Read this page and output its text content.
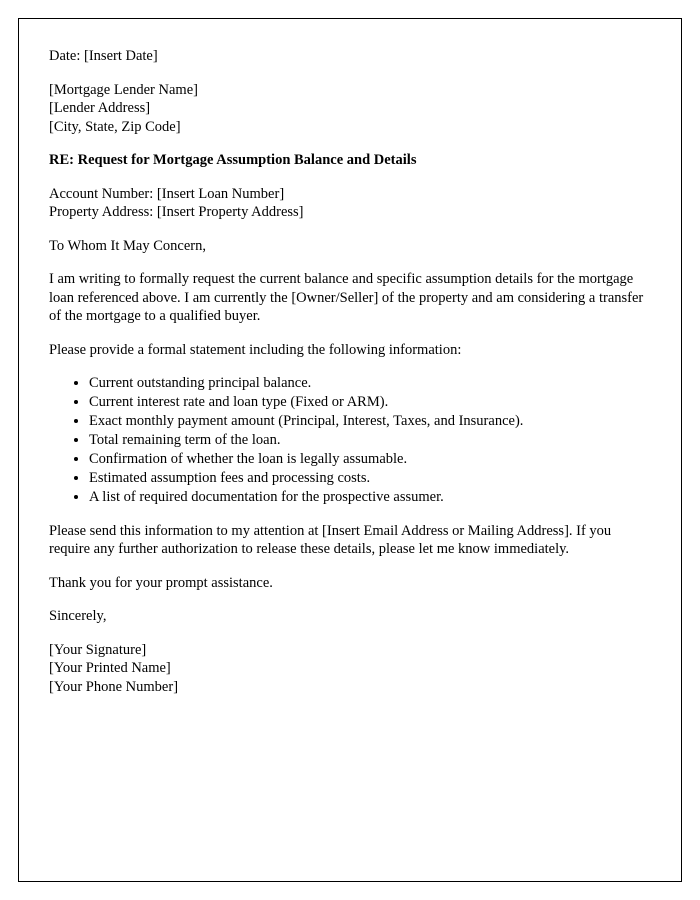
Date: [Insert Date]

[Mortgage Lender Name]
[Lender Address]
[City, State, Zip Code]

RE: Request for Mortgage Assumption Balance and Details

Account Number: [Insert Loan Number]
Property Address: [Insert Property Address]

To Whom It May Concern,

I am writing to formally request the current balance and specific assumption details for the mortgage loan referenced above. I am currently the [Owner/Seller] of the property and am considering a transfer of the mortgage to a qualified buyer.

Please provide a formal statement including the following information:

• Current outstanding principal balance.
• Current interest rate and loan type (Fixed or ARM).
• Exact monthly payment amount (Principal, Interest, Taxes, and Insurance).
• Total remaining term of the loan.
• Confirmation of whether the loan is legally assumable.
• Estimated assumption fees and processing costs.
• A list of required documentation for the prospective assumer.

Please send this information to my attention at [Insert Email Address or Mailing Address]. If you require any further authorization to release these details, please let me know immediately.

Thank you for your prompt assistance.

Sincerely,

[Your Signature]
[Your Printed Name]
[Your Phone Number]
